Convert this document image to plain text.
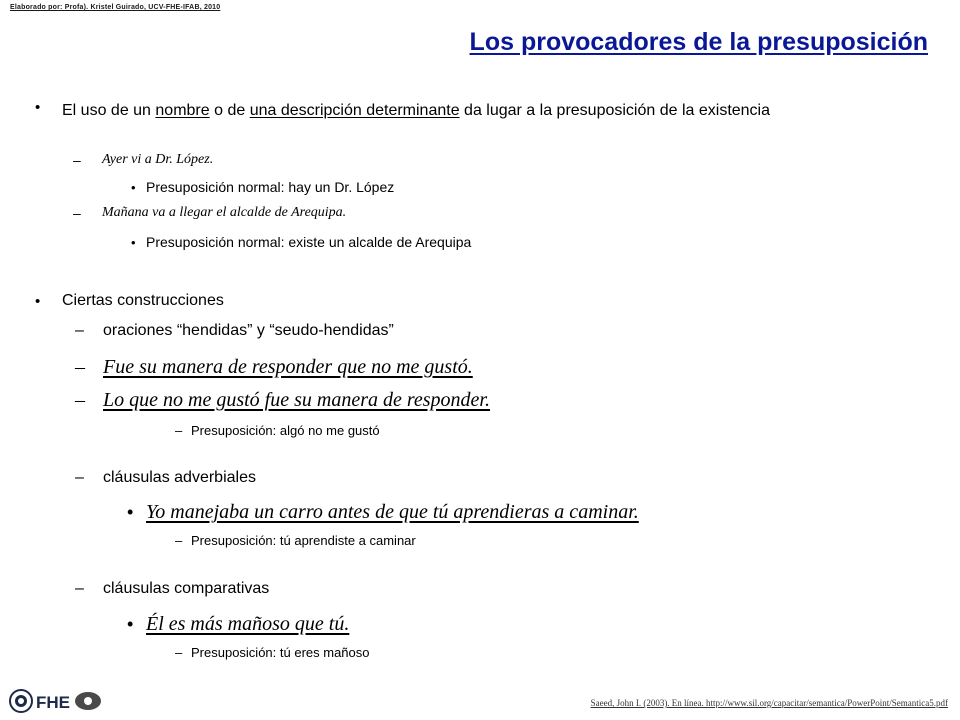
Elaborado por: Profa). Kristel Guirado, UCV-FHE-IFAB, 2010
Los provocadores de la presuposición
• El uso de un nombre o de una descripción determinante da lugar a la presuposición de la existencia
– Ayer vi a Dr. López.
• Presuposición normal: hay un Dr. López
– Mañana va a llegar el alcalde de Arequipa.
• Presuposición normal: existe un alcalde de Arequipa
• Ciertas construcciones
– oraciones “hendidas” y “seudo-hendidas”
– Fue su manera de responder que no me gustó.
– Lo que no me gustó fue su manera de responder.
– Presuposición: algó no me gustó
– cláusulas adverbiales
• Yo manejaba un carro antes de que tú aprendieras a caminar.
– Presuposición: tú aprendiste a caminar
– cláusulas comparativas
• Él es más mañoso que tú.
– Presuposición: tú eres mañoso
FHE	Saeed, John I. (2003). En línea. http://www.sil.org/capacitar/semantica/PowerPoint/Semantica5.pdf
